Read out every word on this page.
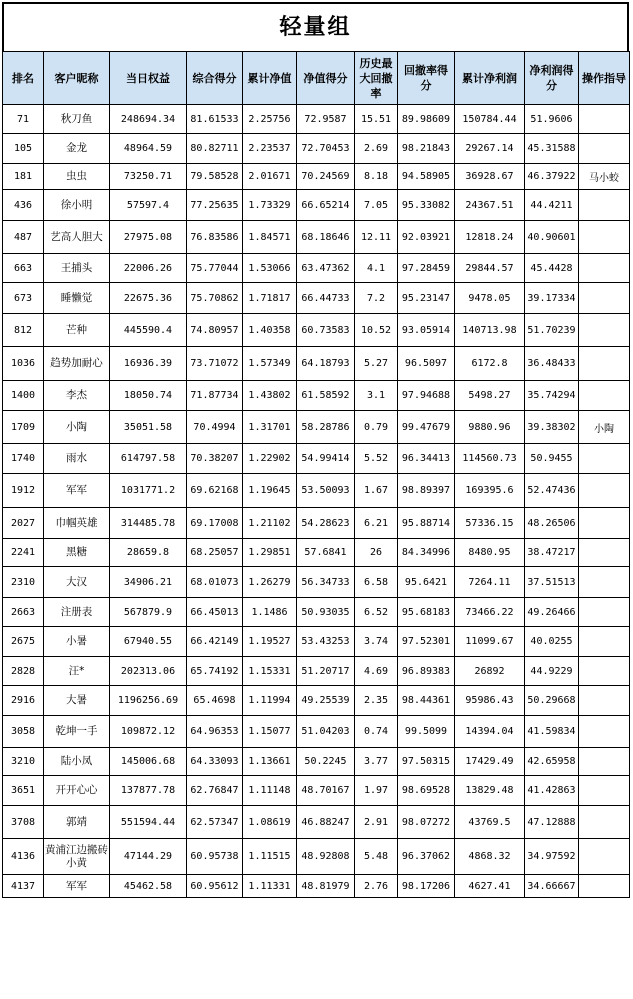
轻量组
排名	客户昵称	当日权益	综合得分	累计净值	净值得分	历史最大回撤率	回撤率得分	累计净利润	净利润得分	操作指导
71	秋刀鱼	248694.34	81.61533	2.25756	72.9587	15.51	89.98609	150784.44	51.9606	
105	金龙	48964.59	80.82711	2.23537	72.70453	2.69	98.21843	29267.14	45.31588	
181	虫虫	73250.71	79.58528	2.01671	70.24569	8.18	94.58905	36928.67	46.37922	马小蛟
436	徐小明	57597.4	77.25635	1.73329	66.65214	7.05	95.33082	24367.51	44.4211	
487	艺高人胆大	27975.08	76.83586	1.84571	68.18646	12.11	92.03921	12818.24	40.90601	
663	王捕头	22006.26	75.77044	1.53066	63.47362	4.1	97.28459	29844.57	45.4428	
673	睡懒觉	22675.36	75.70862	1.71817	66.44733	7.2	95.23147	9478.05	39.17334	
812	芒种	445590.4	74.80957	1.40358	60.73583	10.52	93.05914	140713.98	51.70239	
1036	趋势加耐心	16936.39	73.71072	1.57349	64.18793	5.27	96.5097	6172.8	36.48433	
1400	李杰	18050.74	71.87734	1.43802	61.58592	3.1	97.94688	5498.27	35.74294	
1709	小陶	35051.58	70.4994	1.31701	58.28786	0.79	99.47679	9880.96	39.38302	小陶
1740	雨水	614797.58	70.38207	1.22902	54.99414	5.52	96.34413	114560.73	50.9455	
1912	军军	1031771.2	69.62168	1.19645	53.50093	1.67	98.89397	169395.6	52.47436	
2027	巾帼英雄	314485.78	69.17008	1.21102	54.28623	6.21	95.88714	57336.15	48.26506	
2241	黑糖	28659.8	68.25057	1.29851	57.6841	26	84.34996	8480.95	38.47217	
2310	大汉	34906.21	68.01073	1.26279	56.34733	6.58	95.6421	7264.11	37.51513	
2663	注册表	567879.9	66.45013	1.1486	50.93035	6.52	95.68183	73466.22	49.26466	
2675	小暑	67940.55	66.42149	1.19527	53.43253	3.74	97.52301	11099.67	40.0255	
2828	汪*	202313.06	65.74192	1.15331	51.20717	4.69	96.89383	26892	44.9229	
2916	大暑	1196256.69	65.4698	1.11994	49.25539	2.35	98.44361	95986.43	50.29668	
3058	乾坤一手	109872.12	64.96353	1.15077	51.04203	0.74	99.5099	14394.04	41.59834	
3210	陆小凤	145006.68	64.33093	1.13661	50.2245	3.77	97.50315	17429.49	42.65958	
3651	开开心心	137877.78	62.76847	1.11148	48.70167	1.97	98.69528	13829.48	41.42863	
3708	郭靖	551594.44	62.57347	1.08619	46.88247	2.91	98.07272	43769.5	47.12888	
4136	黄浦江边搬砖小黄	47144.29	60.95738	1.11515	48.92808	5.48	96.37062	4868.32	34.97592	
4137	军军	45462.58	60.95612	1.11331	48.81979	2.76	98.17206	4627.41	34.66667	
